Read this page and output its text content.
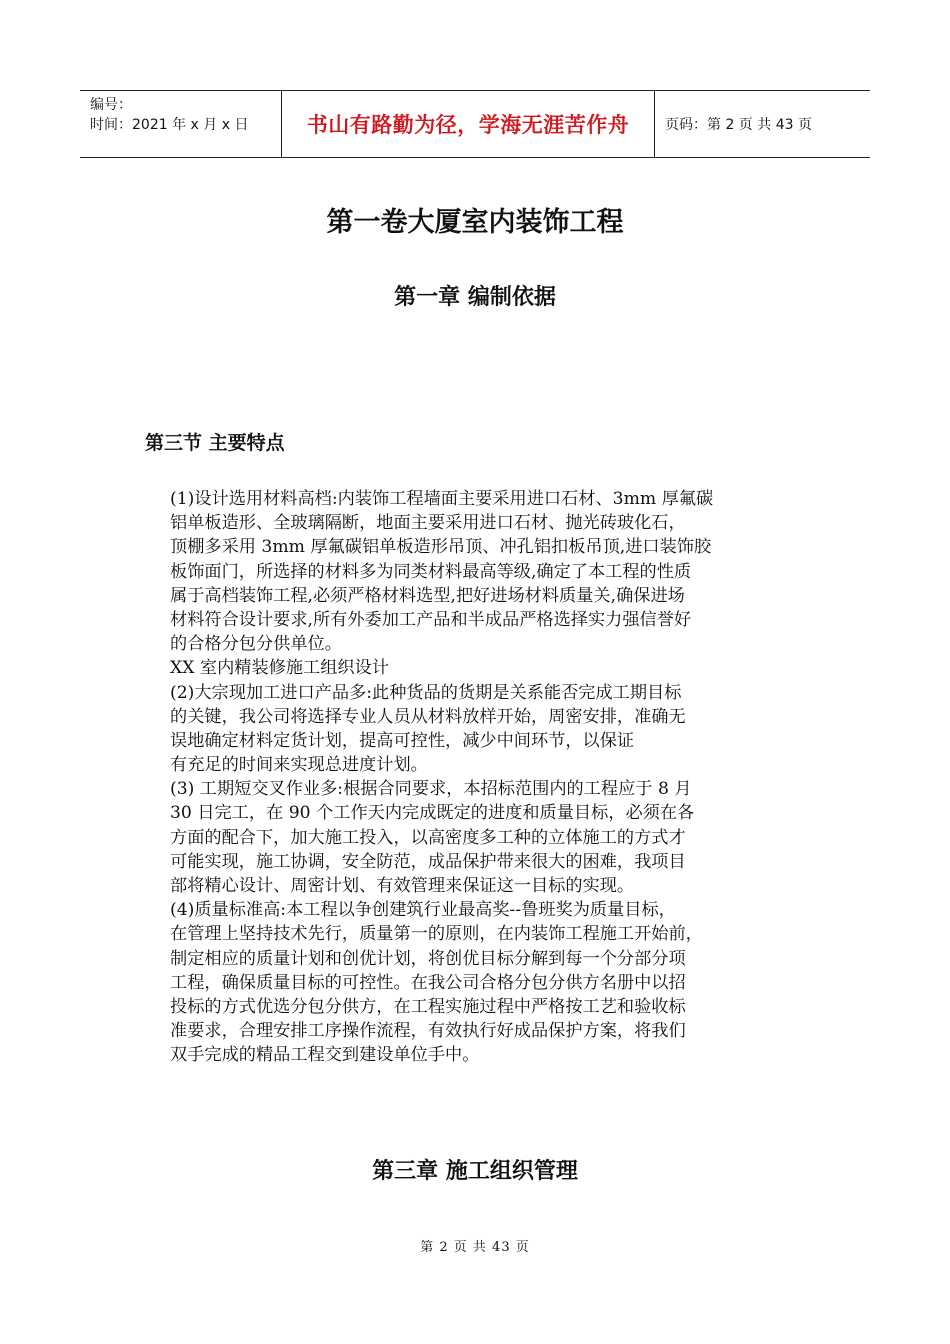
编号：
时间：2021 年 x 月 x 日	书山有路勤为径，学海无涯苦作舟	页码：第 2 页 共 43 页
第一卷大厦室内装饰工程
第一章 编制依据
第三节 主要特点
(1)设计选用材料高档:内装饰工程墙面主要采用进口石材、3mm 厚氟碳
铝单板造形、全玻璃隔断，地面主要采用进口石材、抛光砖玻化石，
顶棚多采用 3mm 厚氟碳铝单板造形吊顶、冲孔铝扣板吊顶,进口装饰胶
板饰面门，所选择的材料多为同类材料最高等级,确定了本工程的性质
属于高档装饰工程,必须严格材料选型,把好进场材料质量关,确保进场
材料符合设计要求,所有外委加工产品和半成品严格选择实力强信誉好
的合格分包分供单位。
XX 室内精装修施工组织设计
(2)大宗现加工进口产品多:此种货品的货期是关系能否完成工期目标
的关键，我公司将选择专业人员从材料放样开始，周密安排，准确无
误地确定材料定货计划，提高可控性，减少中间环节，以保证
有充足的时间来实现总进度计划。
(3) 工期短交叉作业多:根据合同要求，本招标范围内的工程应于 8 月
30 日完工，在 90 个工作天内完成既定的进度和质量目标，必须在各
方面的配合下，加大施工投入，以高密度多工种的立体施工的方式才
可能实现，施工协调，安全防范，成品保护带来很大的困难，我项目
部将精心设计、周密计划、有效管理来保证这一目标的实现。
(4)质量标准高:本工程以争创建筑行业最高奖--鲁班奖为质量目标，
在管理上坚持技术先行，质量第一的原则，在内装饰工程施工开始前，
制定相应的质量计划和创优计划，将创优目标分解到每一个分部分项
工程，确保质量目标的可控性。在我公司合格分包分供方名册中以招
投标的方式优选分包分供方，在工程实施过程中严格按工艺和验收标
准要求，合理安排工序操作流程，有效执行好成品保护方案，将我们
双手完成的精品工程交到建设单位手中。
第三章 施工组织管理
第 2 页 共 43 页
